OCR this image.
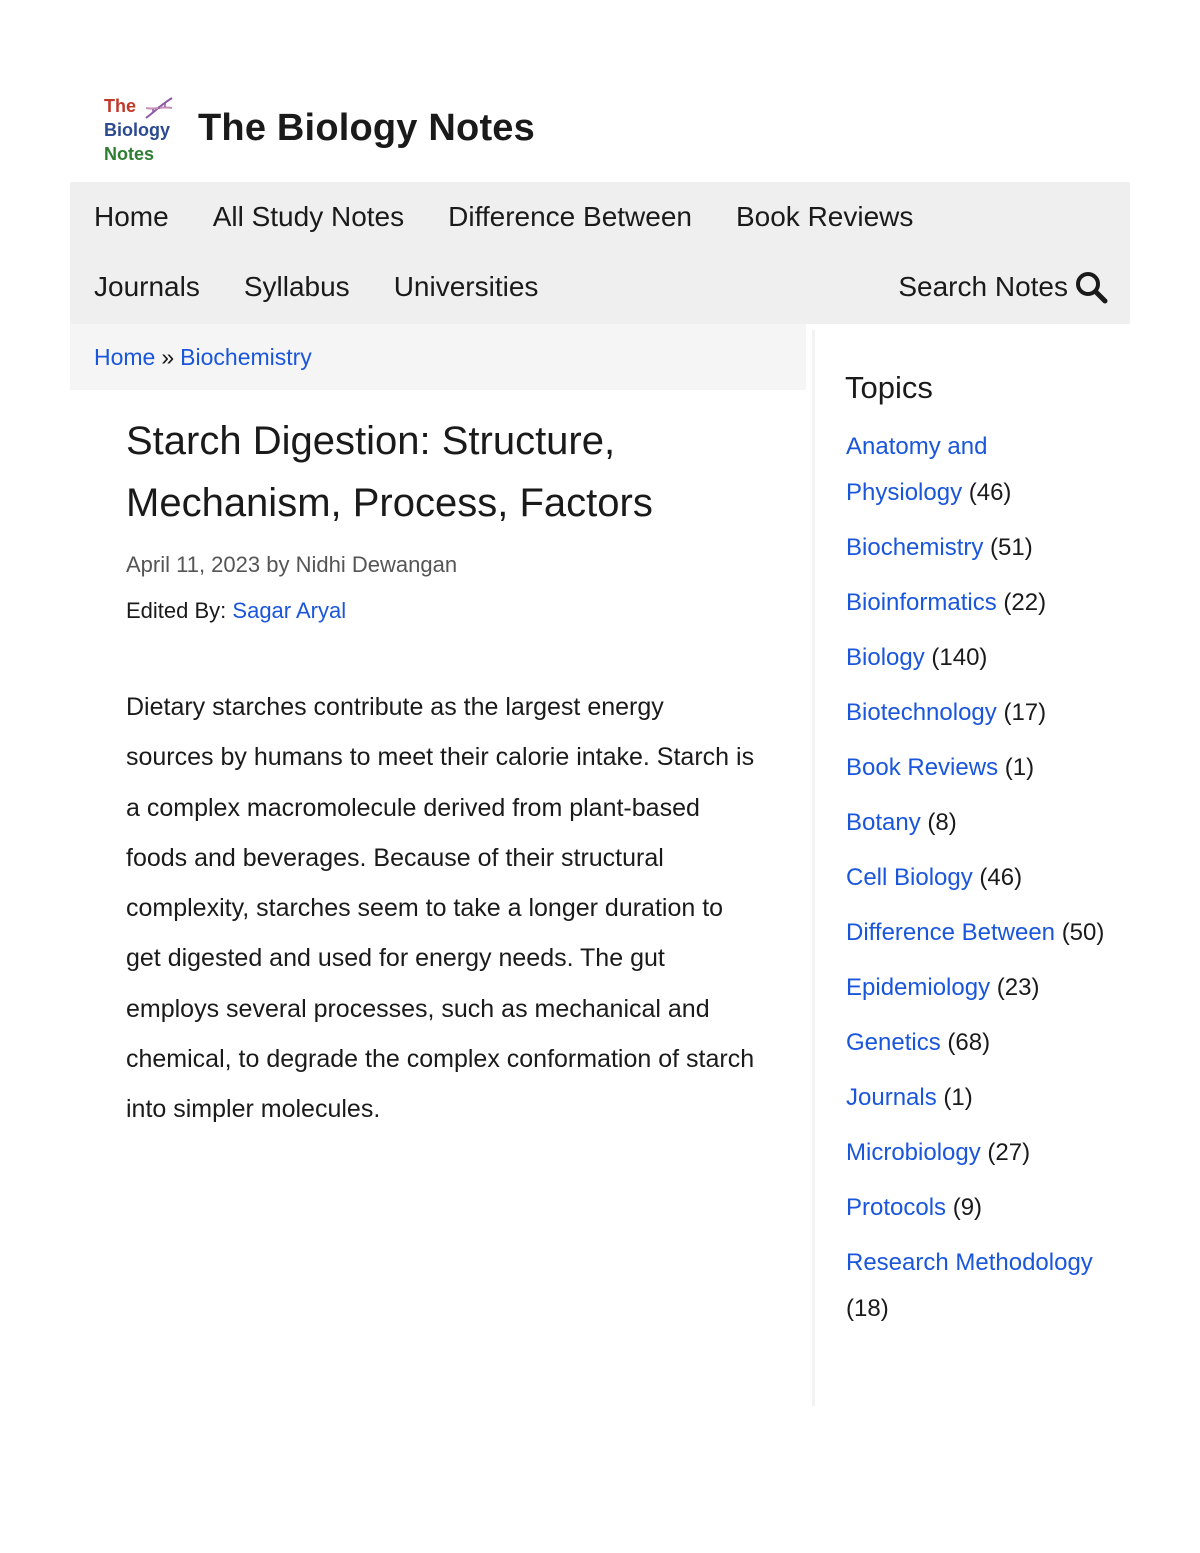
The
Biology
Notes
The Biology Notes
Home All Study Notes Difference Between Book Reviews
Journals Syllabus Universities	Search Notes
Home » Biochemistry
Starch Digestion: Structure, Mechanism, Process, Factors
April 11, 2023 by Nidhi Dewangan
Edited By: Sagar Aryal

Dietary starches contribute as the largest energy sources by humans to meet their calorie intake. Starch is a complex macromolecule derived from plant-based foods and beverages. Because of their structural complexity, starches seem to take a longer duration to get digested and used for energy needs. The gut employs several processes, such as mechanical and chemical, to degrade the complex conformation of starch into simpler molecules.

Topics
Anatomy and Physiology (46)
Biochemistry (51)
Bioinformatics (22)
Biology (140)
Biotechnology (17)
Book Reviews (1)
Botany (8)
Cell Biology (46)
Difference Between (50)
Epidemiology (23)
Genetics (68)
Journals (1)
Microbiology (27)
Protocols (9)
Research Methodology (18)
